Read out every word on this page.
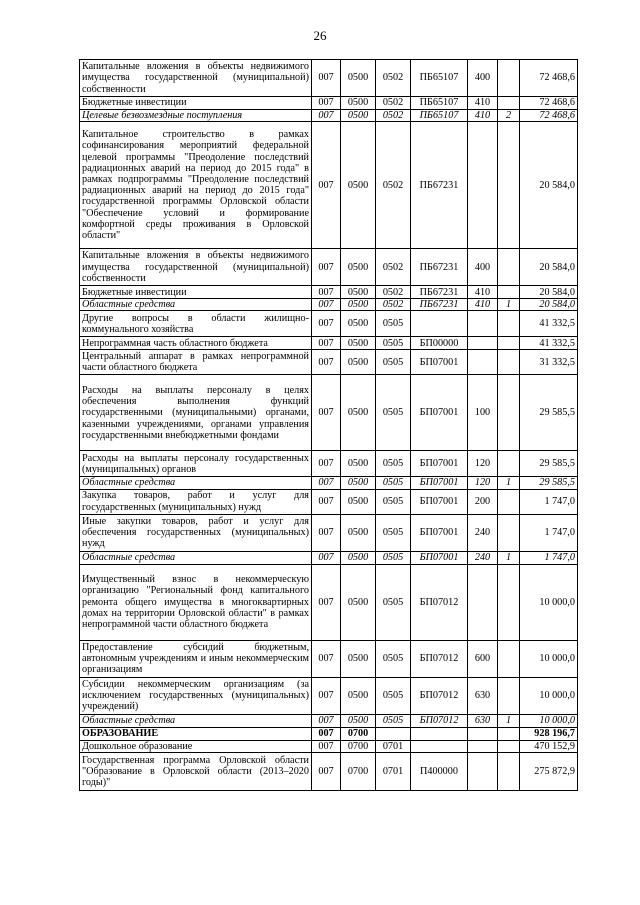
26
Капитальные вложения в объекты недвижимого имущества государственной (муниципальной) собственности	007	0500	0502	ПБ65107	400		72 468,6
Бюджетные инвестиции	007	0500	0502	ПБ65107	410		72 468,6
Целевые безвозмездные поступления	007	0500	0502	ПБ65107	410	2	72 468,6
Капитальное строительство в рамках софинансирования мероприятий федеральной целевой программы "Преодоление последствий радиационных аварий на период до 2015 года" в рамках подпрограммы "Преодоление последствий радиационных аварий на период до 2015 года" государственной программы Орловской области "Обеспечение условий и формирование комфортной среды проживания в Орловской области"	007	0500	0502	ПБ67231			20 584,0
Капитальные вложения в объекты недвижимого имущества государственной (муниципальной) собственности	007	0500	0502	ПБ67231	400		20 584,0
Бюджетные инвестиции	007	0500	0502	ПБ67231	410		20 584,0
Областные средства	007	0500	0502	ПБ67231	410	1	20 584,0
Другие вопросы в области жилищно-коммунального хозяйства	007	0500	0505				41 332,5
Непрограммная часть областного бюджета	007	0500	0505	БП00000			41 332,5
Центральный аппарат в рамках непрограммной части областного бюджета	007	0500	0505	БП07001			31 332,5
Расходы на выплаты персоналу в целях обеспечения выполнения функций государственными (муниципальными) органами, казенными учреждениями, органами управления государственными внебюджетными фондами	007	0500	0505	БП07001	100		29 585,5
Расходы на выплаты персоналу государственных (муниципальных) органов	007	0500	0505	БП07001	120		29 585,5
Областные средства	007	0500	0505	БП07001	120	1	29 585,5
Закупка товаров, работ и услуг для государственных (муниципальных) нужд	007	0500	0505	БП07001	200		1 747,0
Иные закупки товаров, работ и услуг для обеспечения государственных (муниципальных) нужд	007	0500	0505	БП07001	240		1 747,0
Областные средства	007	0500	0505	БП07001	240	1	1 747,0
Имущественный взнос в некоммерческую организацию "Региональный фонд капитального ремонта общего имущества в многоквартирных домах на территории Орловской области" в рамках непрограммной части областного бюджета	007	0500	0505	БП07012			10 000,0
Предоставление субсидий бюджетным, автономным учреждениям и иным некоммерческим организациям	007	0500	0505	БП07012	600		10 000,0
Субсидии некоммерческим организациям (за исключением государственных (муниципальных) учреждений)	007	0500	0505	БП07012	630		10 000,0
Областные средства	007	0500	0505	БП07012	630	1	10 000,0
ОБРАЗОВАНИЕ	007	0700					928 196,7
Дошкольное образование	007	0700	0701				470 152,9
Государственная программа Орловской области "Образование в Орловской области (2013–2020 годы)"	007	0700	0701	П400000			275 872,9
